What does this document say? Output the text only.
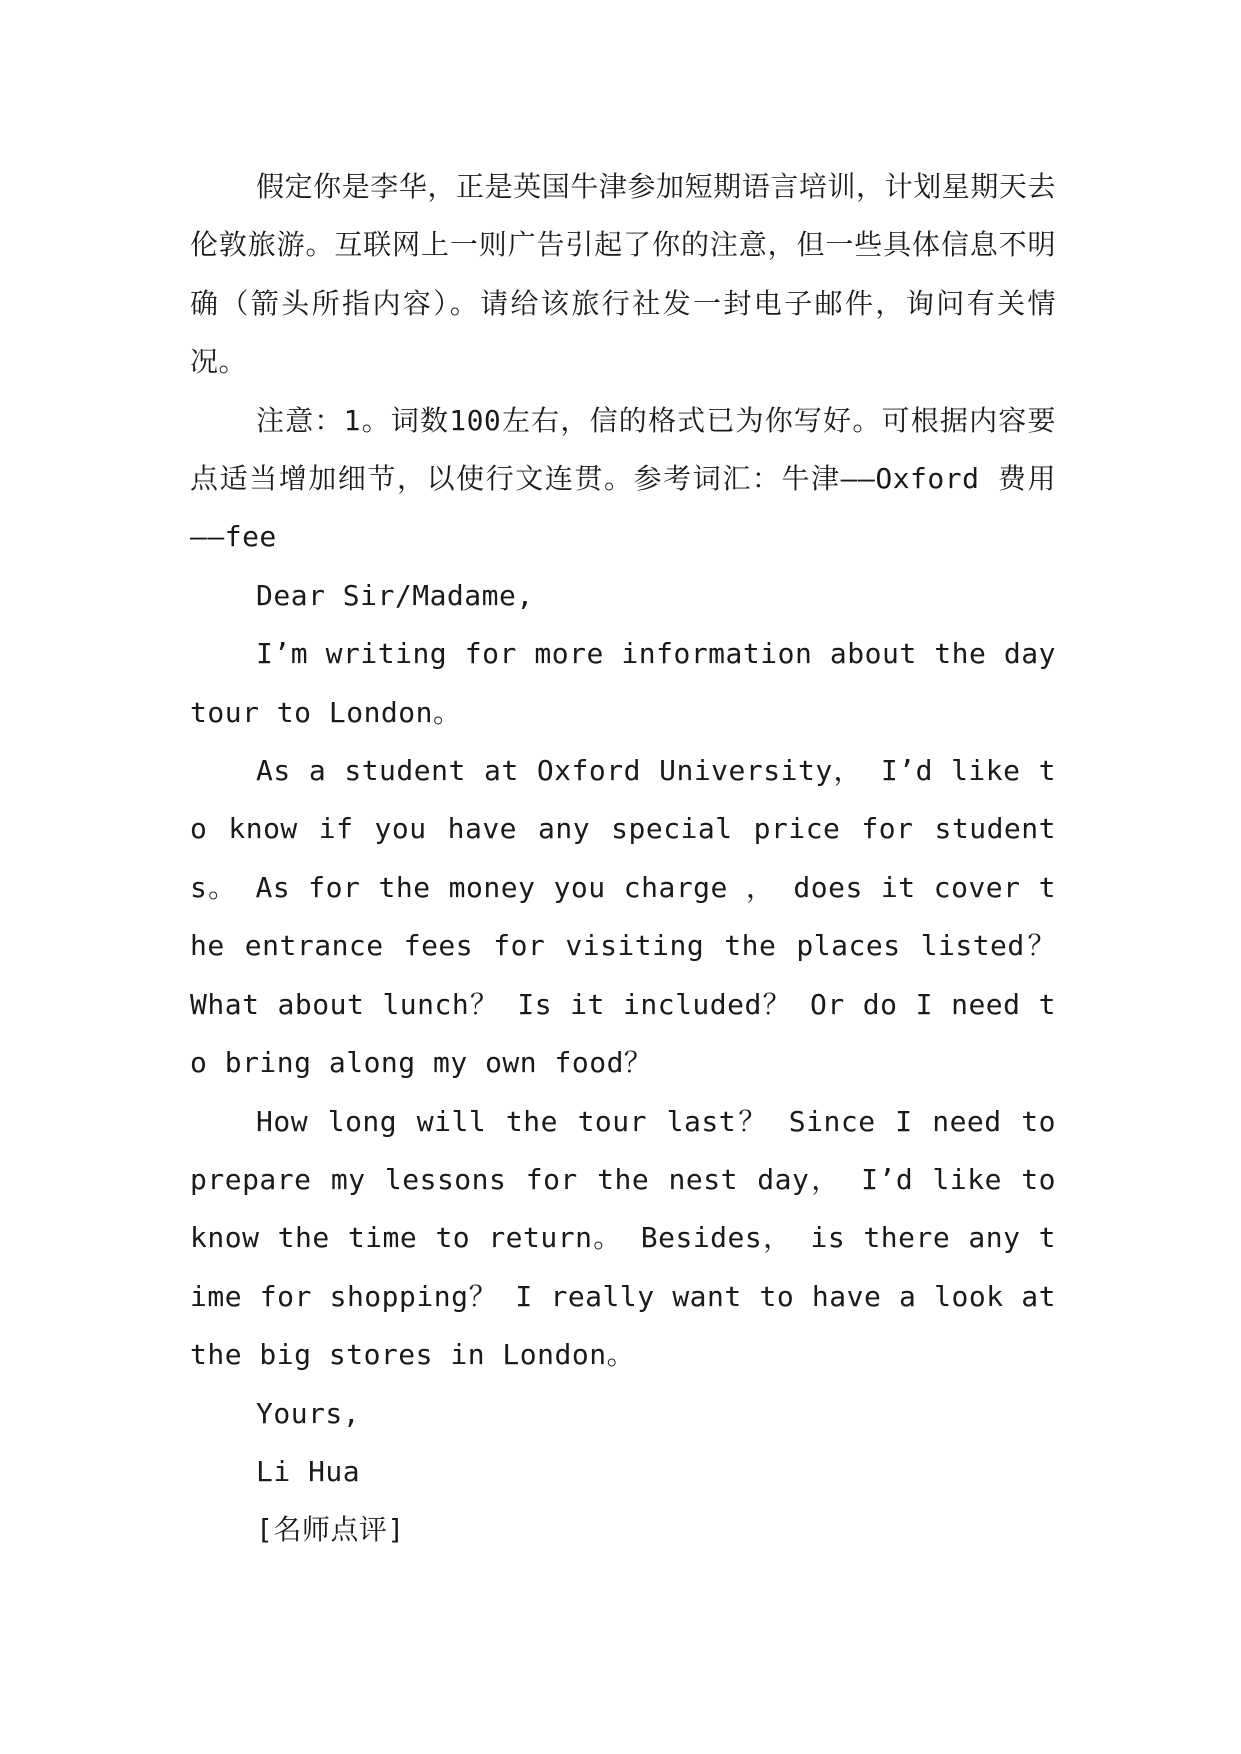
假定你是李华，正是英国牛津参加短期语言培训，计划星期天去伦敦旅游。互联网上一则广告引起了你的注意，但一些具体信息不明确（箭头所指内容）。请给该旅行社发一封电子邮件，询问有关情况。

注意：1。词数100左右，信的格式已为你写好。可根据内容要点适当增加细节，以使行文连贯。参考词汇：牛津——Oxford 费用——fee

Dear Sir/Madame,

I’m writing for more information about the day tour to London。

As a student at Oxford University， I’d like to know if you have any special price for students。 As for the money you charge ， does it cover the entrance fees for visiting the places listed？ What about lunch？ Is it included？ Or do I need to bring along my own food？

How long will the tour last？ Since I need to prepare my lessons for the nest day， I’d like to know the time to return。 Besides， is there any time for shopping？ I really want to have a look at the big stores in London。

Yours,

Li Hua

[名师点评]
